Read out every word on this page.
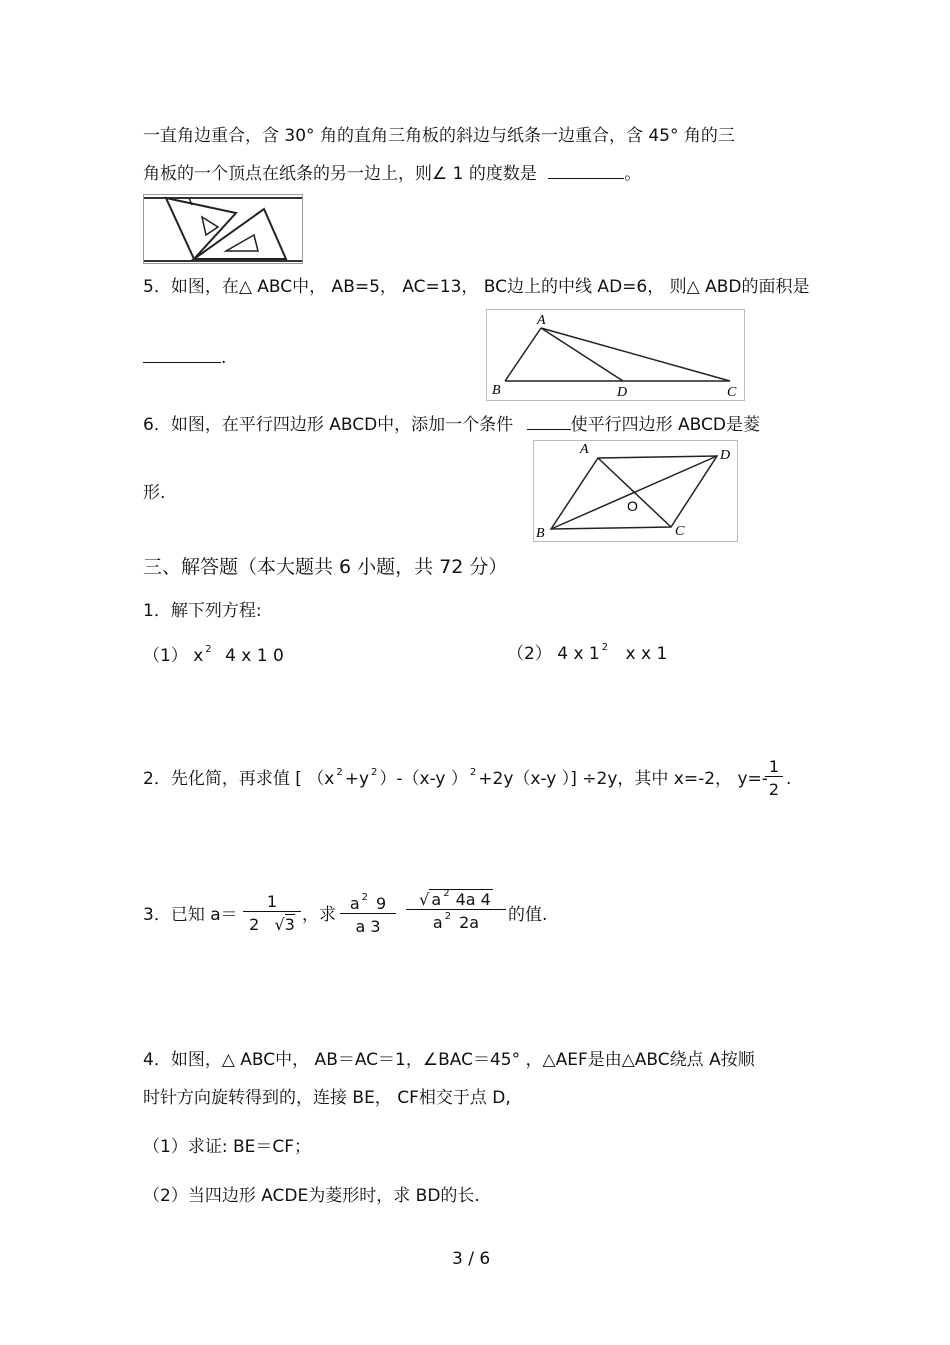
一直角边重合，含 30° 角的直角三角板的斜边与纸条一边重合，含 45° 角的三
角板的一个顶点在纸条的另一边上，则∠ 1 的度数是	。
5．如图，在△ ABC中， AB=5， AC=13， BC边上的中线 AD=6， 则△ ABD的面积是
.
A
B	D	C
6．如图，在平行四边形 ABCD中，添加一个条件	使平行四边形 ABCD是菱
形.
A	D
B	C
O
三、解答题（本大题共 6 小题，共 72 分）
1．解下列方程:
（1） x $^2$ 4 x 1 0	（2） 4 x 1 $^2$ x x 1
2．先化简，再求值 [ （x $^2$ +y $^2$ ）-（x-y ） $^2$ +2y（x-y ）] ÷2y，其中 x=-2， y=-
$\frac{1}{2}$ .
3．已知 $a= \frac{1}{2 √3}$ ，求 $\frac{a ^2 9}{a 3} \frac{√ a ^2 4a 4}{a ^2 2a}$ 的值.
4．如图，△ ABC中， AB＝AC＝1，∠BAC＝45° ，△AEF是由△ABC绕点 A按顺
时针方向旋转得到的，连接 BE， CF相交于点 D,
（1）求证: BE＝CF；
（2）当四边形 ACDE为菱形时，求 BD的长.
3 / 6
